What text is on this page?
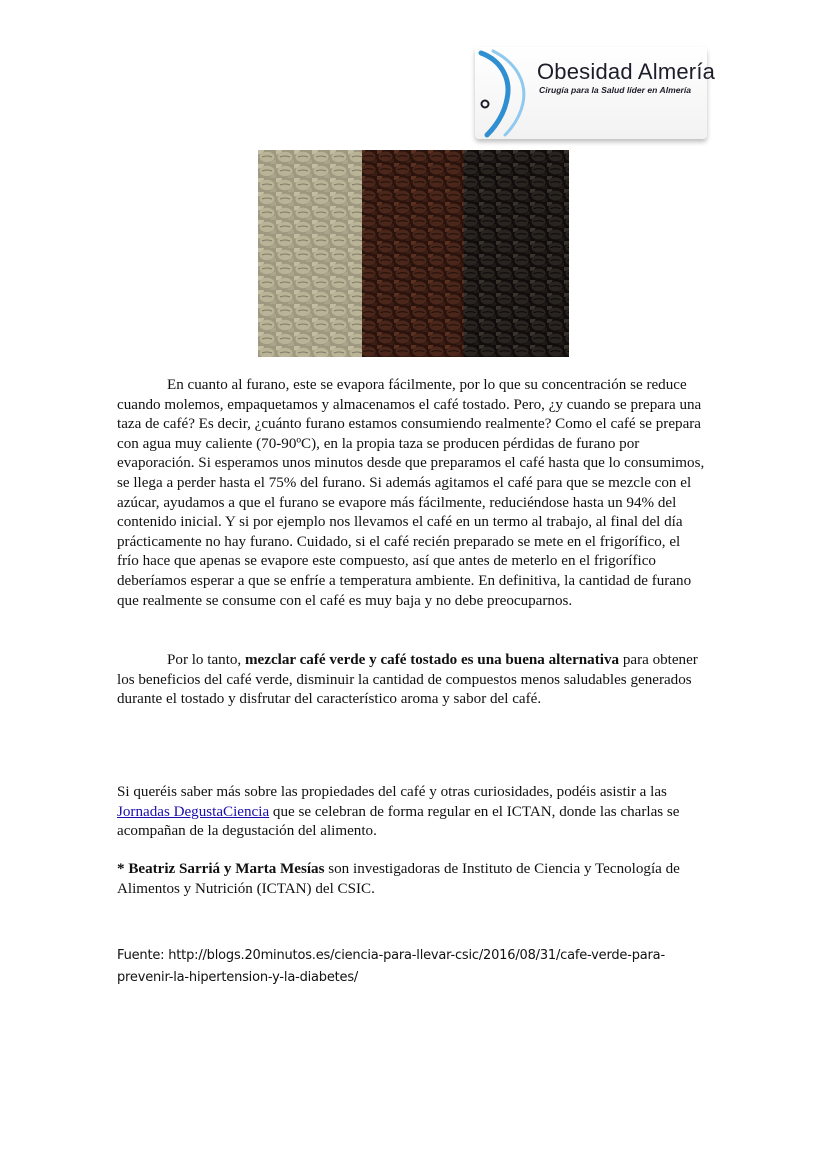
Obesidad Almería
Cirugía para la Salud líder en Almería

En cuanto al furano, este se evapora fácilmente, por lo que su concentración se reduce cuando molemos, empaquetamos y almacenamos el café tostado. Pero, ¿y cuando se prepara una taza de café? Es decir, ¿cuánto furano estamos consumiendo realmente? Como el café se prepara con agua muy caliente (70-90ºC), en la propia taza se producen pérdidas de furano por evaporación. Si esperamos unos minutos desde que preparamos el café hasta que lo consumimos, se llega a perder hasta el 75% del furano. Si además agitamos el café para que se mezcle con el azúcar, ayudamos a que el furano se evapore más fácilmente, reduciéndose hasta un 94% del contenido inicial. Y si por ejemplo nos llevamos el café en un termo al trabajo, al final del día prácticamente no hay furano. Cuidado, si el café recién preparado se mete en el frigorífico, el frío hace que apenas se evapore este compuesto, así que antes de meterlo en el frigorífico deberíamos esperar a que se enfríe a temperatura ambiente. En definitiva, la cantidad de furano que realmente se consume con el café es muy baja y no debe preocuparnos.

Por lo tanto, mezclar café verde y café tostado es una buena alternativa para obtener los beneficios del café verde, disminuir la cantidad de compuestos menos saludables generados durante el tostado y disfrutar del característico aroma y sabor del café.

Si queréis saber más sobre las propiedades del café y otras curiosidades, podéis asistir a las Jornadas DegustaCiencia que se celebran de forma regular en el ICTAN, donde las charlas se acompañan de la degustación del alimento.

* Beatriz Sarriá y Marta Mesías son investigadoras de Instituto de Ciencia y Tecnología de Alimentos y Nutrición (ICTAN) del CSIC.

Fuente: http://blogs.20minutos.es/ciencia-para-llevar-csic/2016/08/31/cafe-verde-para-prevenir-la-hipertension-y-la-diabetes/
